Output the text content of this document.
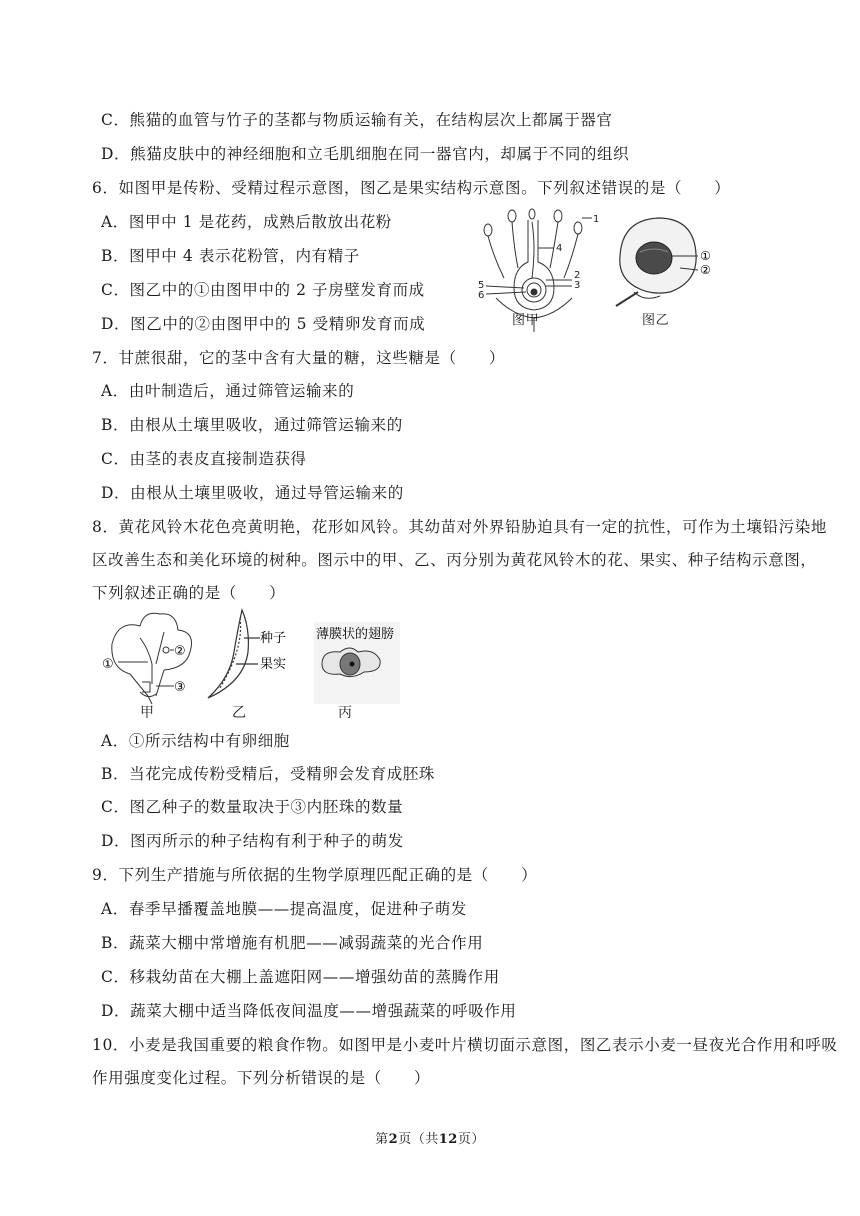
C．熊猫的血管与竹子的茎都与物质运输有关，在结构层次上都属于器官
D．熊猫皮肤中的神经细胞和立毛肌细胞在同一器官内，却属于不同的组织
6．如图甲是传粉、受精过程示意图，图乙是果实结构示意图。下列叙述错误的是（　　）
A．图甲中 1 是花药，成熟后散放出花粉
B．图甲中 4 表示花粉管，内有精子
C．图乙中的①由图甲中的 2 子房壁发育而成
D．图乙中的②由图甲中的 5 受精卵发育而成
1
2
3
4
5
6
图甲
①
②
图乙
7．甘蔗很甜，它的茎中含有大量的糖，这些糖是（　　）
A．由叶制造后，通过筛管运输来的
B．由根从土壤里吸收，通过筛管运输来的
C．由茎的表皮直接制造获得
D．由根从土壤里吸收，通过导管运输来的
8．黄花风铃木花色亮黄明艳，花形如风铃。其幼苗对外界铅胁迫具有一定的抗性，可作为土壤铅污染地
区改善生态和美化环境的树种。图示中的甲、乙、丙分别为黄花风铃木的花、果实、种子结构示意图，
下列叙述正确的是（　　）
①
②
③
种子
果实
薄膜状的翅膀
甲	乙	丙
A．①所示结构中有卵细胞
B．当花完成传粉受精后，受精卵会发育成胚珠
C．图乙种子的数量取决于③内胚珠的数量
D．图丙所示的种子结构有利于种子的萌发
9．下列生产措施与所依据的生物学原理匹配正确的是（　　）
A．春季早播覆盖地膜——提高温度，促进种子萌发
B．蔬菜大棚中常增施有机肥——减弱蔬菜的光合作用
C．移栽幼苗在大棚上盖遮阳网——增强幼苗的蒸腾作用
D．蔬菜大棚中适当降低夜间温度——增强蔬菜的呼吸作用
10．小麦是我国重要的粮食作物。如图甲是小麦叶片横切面示意图，图乙表示小麦一昼夜光合作用和呼吸
作用强度变化过程。下列分析错误的是（　　）
第2页（共12页）
